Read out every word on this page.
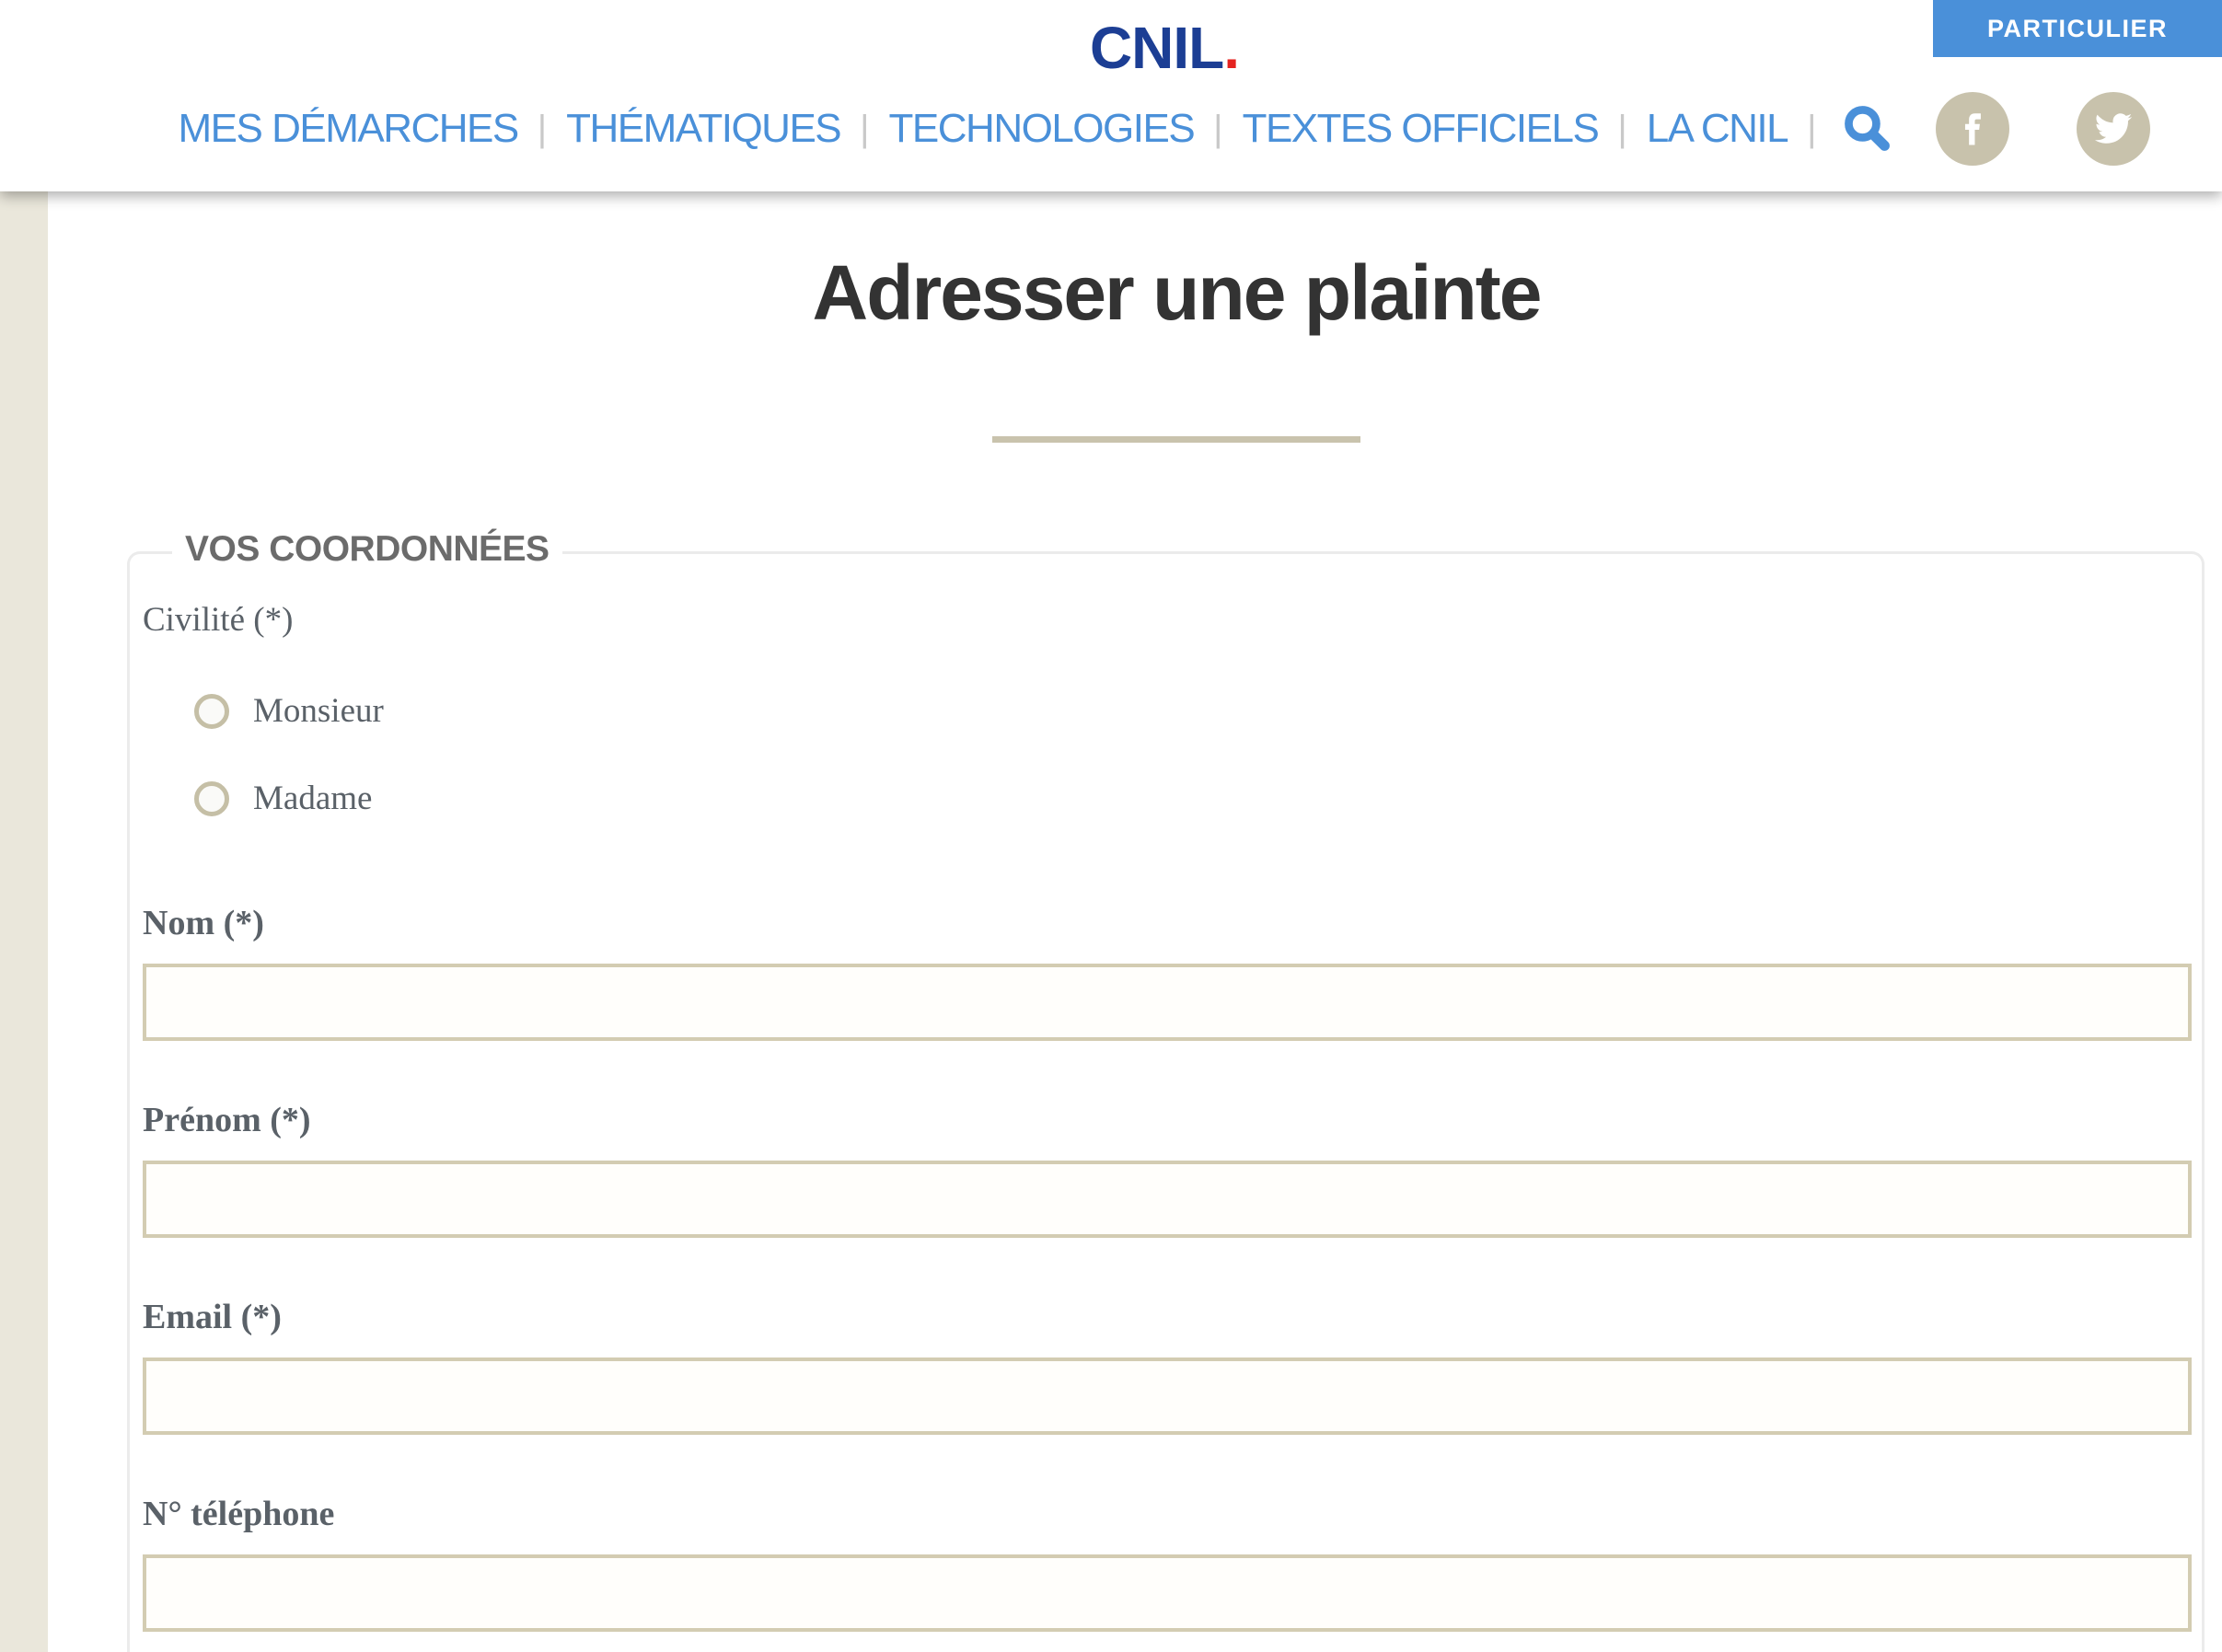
PARTICULIER
CNIL.
MES DÉMARCHES | THÉMATIQUES | TECHNOLOGIES | TEXTES OFFICIELS | LA CNIL |
Adresser une plainte
VOS COORDONNÉES
Civilité (*)
Monsieur
Madame
Nom (*)
Prénom (*)
Email (*)
N° téléphone
